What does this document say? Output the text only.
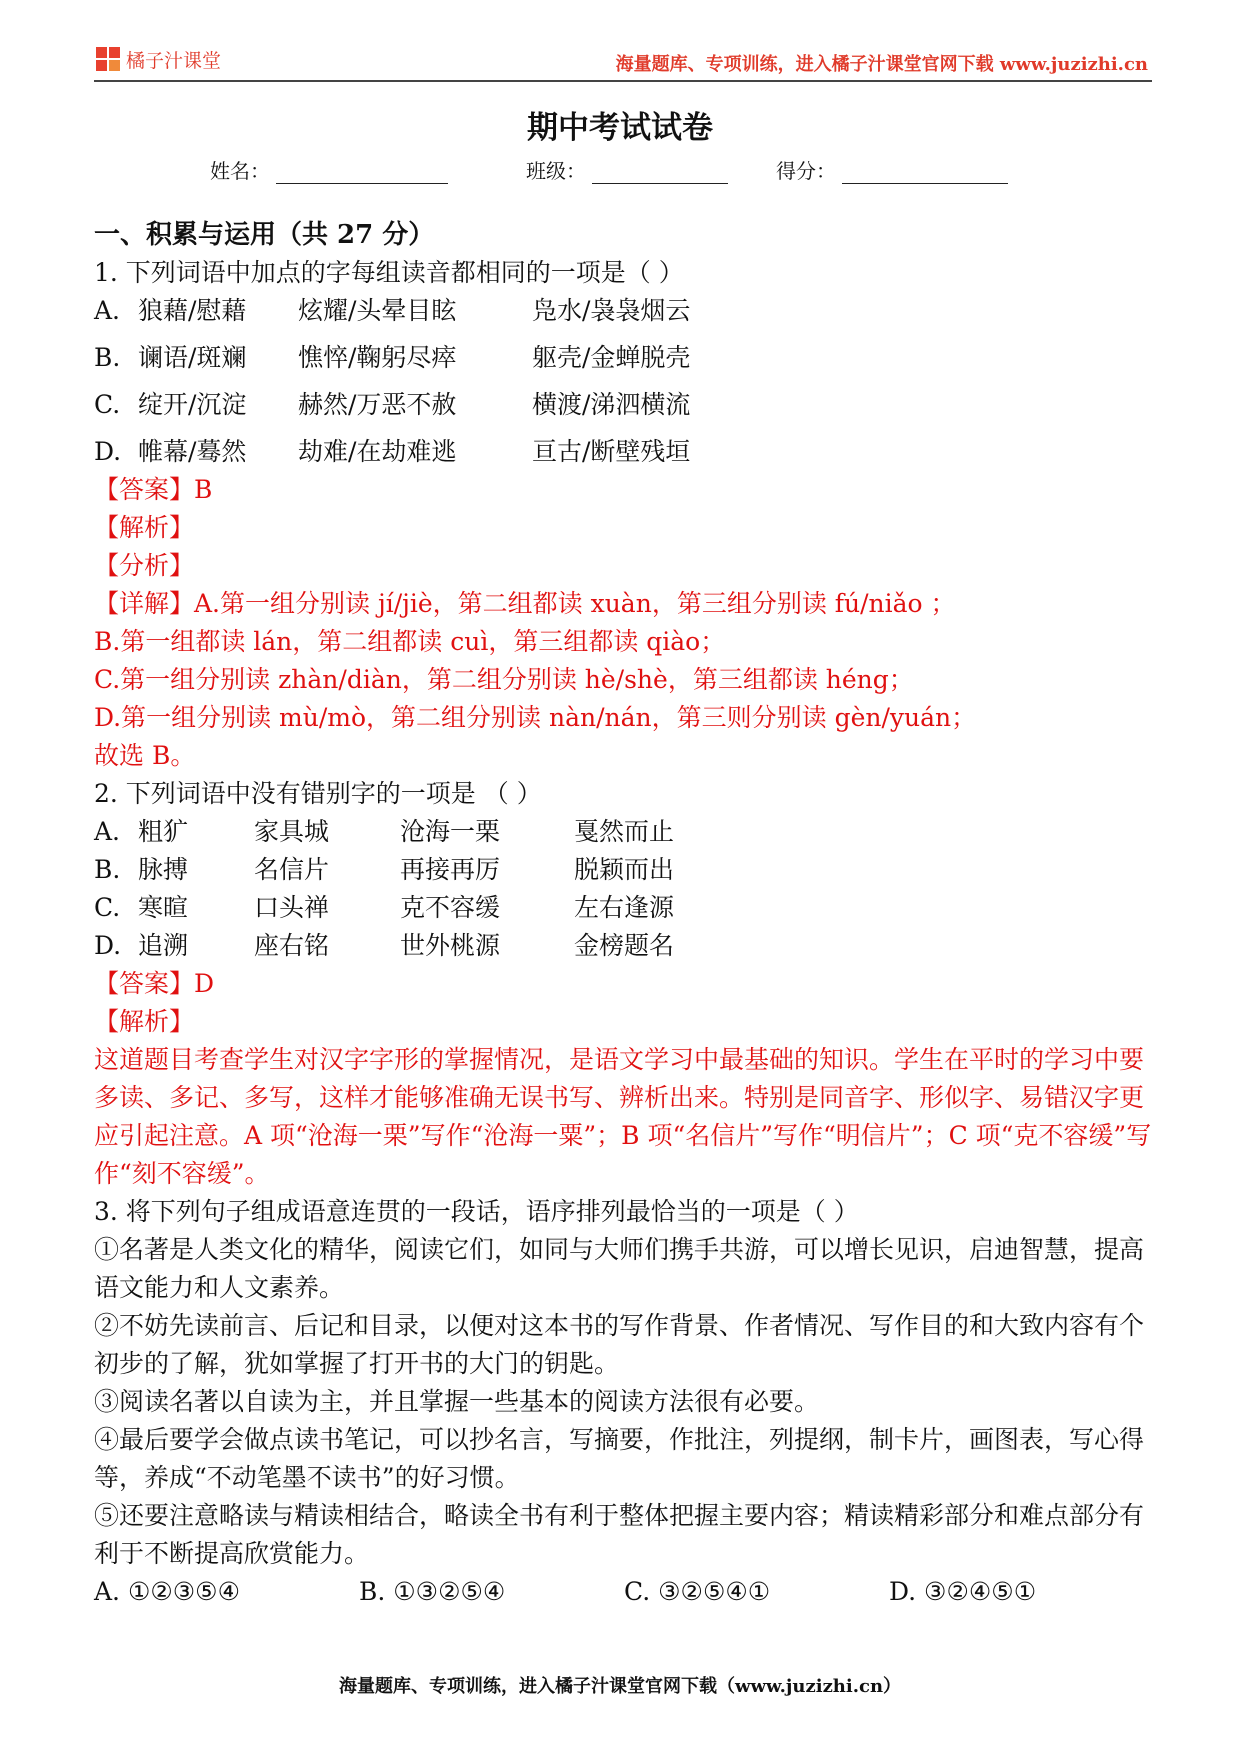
橘子汁课堂	海量题库、专项训练，进入橘子汁课堂官网下载 www.juzizhi.cn
期中考试试卷
姓名：	班级：	得分：

一、积累与运用（共 27 分）

1. 下列词语中加点的字每组读音都相同的一项是（ ）

A. 狼藉/慰藉	炫耀/头晕目眩	凫水/袅袅烟云
B. 谰语/斑斓	憔悴/鞠躬尽瘁	躯壳/金蝉脱壳
C. 绽开/沉淀	赫然/万恶不赦	横渡/涕泗横流
D. 帷幕/蓦然	劫难/在劫难逃	亘古/断壁残垣

【答案】B

【解析】

【分析】

【详解】A.第一组分别读 jí/jiè，第二组都读 xuàn，第三组分别读 fú/niǎo ；

B.第一组都读 lán，第二组都读 cuì，第三组都读 qiào；

C.第一组分别读 zhàn/diàn，第二组分别读 hè/shè，第三组都读 héng；

D.第一组分别读 mù/mò，第二组分别读 nàn/nán，第三则分别读 gèn/yuán；

故选 B。

2. 下列词语中没有错别字的一项是 （ ）

A. 粗犷	家具城	沧海一栗	戛然而止
B. 脉搏	名信片	再接再厉	脱颖而出
C. 寒暄	口头禅	克不容缓	左右逢源
D. 追溯	座右铭	世外桃源	金榜题名

【答案】D

【解析】

这道题目考查学生对汉字字形的掌握情况，是语文学习中最基础的知识。学生在平时的学习中要多读、多记、多写，这样才能够准确无误书写、辨析出来。特别是同音字、形似字、易错汉字更应引起注意。A 项“沧海一栗”写作“沧海一粟”；B 项“名信片”写作“明信片”；C 项“克不容缓”写作“刻不容缓”。

3. 将下列句子组成语意连贯的一段话，语序排列最恰当的一项是（ ）

①名著是人类文化的精华，阅读它们，如同与大师们携手共游，可以增长见识，启迪智慧，提高语文能力和人文素养。

②不妨先读前言、后记和目录，以便对这本书的写作背景、作者情况、写作目的和大致内容有个初步的了解，犹如掌握了打开书的大门的钥匙。

③阅读名著以自读为主，并且掌握一些基本的阅读方法很有必要。

④最后要学会做点读书笔记，可以抄名言，写摘要，作批注，列提纲，制卡片，画图表，写心得等，养成“不动笔墨不读书”的好习惯。

⑤还要注意略读与精读相结合，略读全书有利于整体把握主要内容；精读精彩部分和难点部分有利于不断提高欣赏能力。

A. ①②③⑤④	B. ①③②⑤④	C. ③②⑤④①	D. ③②④⑤①
海量题库、专项训练，进入橘子汁课堂官网下载（www.juzizhi.cn）
